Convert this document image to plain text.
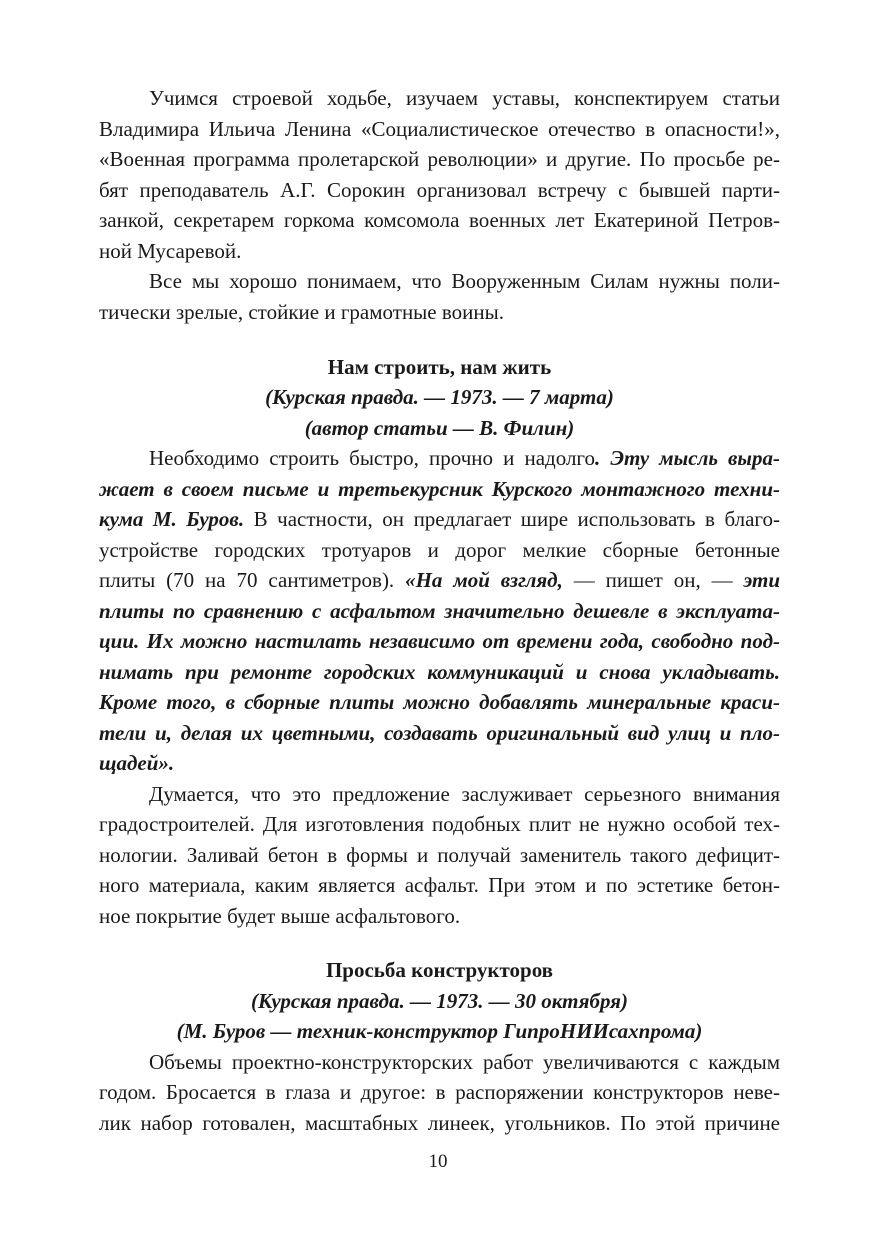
Учимся строевой ходьбе, изучаем уставы, конспектируем статьи
Владимира Ильича Ленина «Социалистическое отечество в опасности!»,
«Военная программа пролетарской революции» и другие. По просьбе ре-
бят преподаватель А.Г. Сорокин организовал встречу с бывшей парти-
занкой, секретарем горкома комсомола военных лет Екатериной Петров-
ной Мусаревой.
Все мы хорошо понимаем, что Вооруженным Силам нужны поли-
тически зрелые, стойкие и грамотные воины.
Нам строить, нам жить
(Курская правда. — 1973. — 7 марта)
(автор статьи — В. Филин)
Необходимо строить быстро, прочно и надолго. Эту мысль выра-
жает в своем письме и третьекурсник Курского монтажного техни-
кума М. Буров. В частности, он предлагает шире использовать в благо-
устройстве городских тротуаров и дорог мелкие сборные бетонные
плиты (70 на 70 сантиметров). «На мой взгляд, — пишет он, — эти
плиты по сравнению с асфальтом значительно дешевле в эксплуата-
ции. Их можно настилать независимо от времени года, свободно под-
нимать при ремонте городских коммуникаций и снова укладывать.
Кроме того, в сборные плиты можно добавлять минеральные краси-
тели и, делая их цветными, создавать оригинальный вид улиц и пло-
щадей».
Думается, что это предложение заслуживает серьезного внимания
градостроителей. Для изготовления подобных плит не нужно особой тех-
нологии. Заливай бетон в формы и получай заменитель такого дефицит-
ного материала, каким является асфальт. При этом и по эстетике бетон-
ное покрытие будет выше асфальтового.
Просьба конструкторов
(Курская правда. — 1973. — 30 октября)
(М. Буров — техник-конструктор ГипроНИИсахпрома)
Объемы проектно-конструкторских работ увеличиваются с каждым
годом. Бросается в глаза и другое: в распоряжении конструкторов неве-
лик набор готовален, масштабных линеек, угольников. По этой причине
10
